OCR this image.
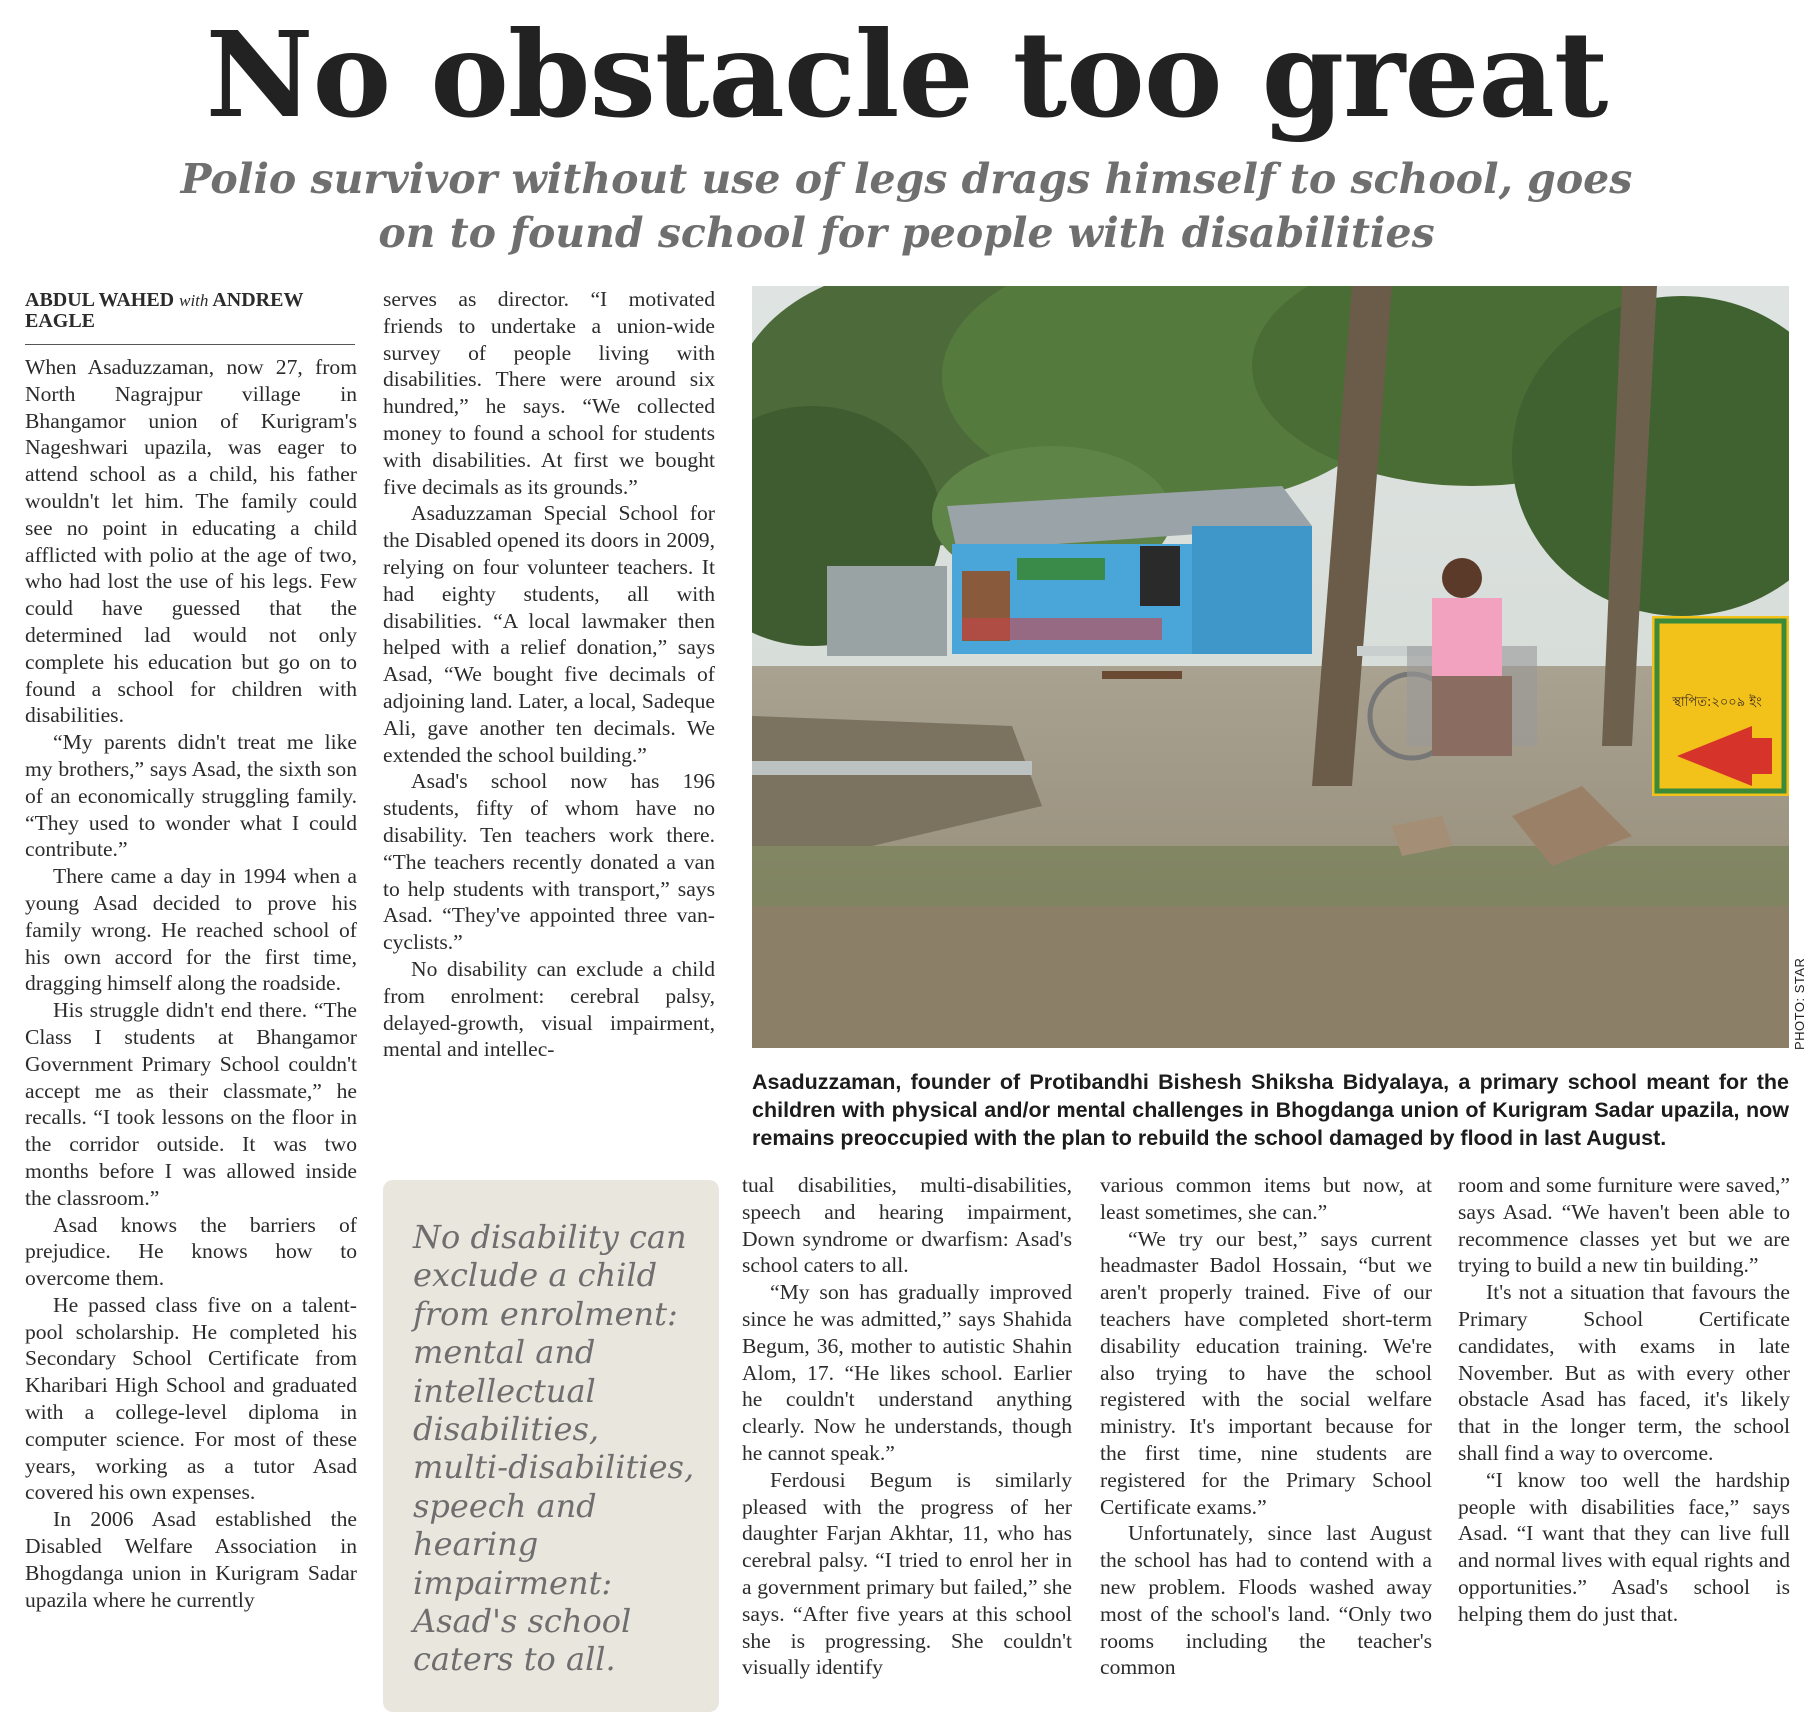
No obstacle too great
Polio survivor without use of legs drags himself to school, goes on to found school for people with disabilities
ABDUL WAHED with ANDREW EAGLE

When Asaduzzaman, now 27, from North Nagrajpur village in Bhangamor union of Kurigram's Nageshwari upazila, was eager to attend school as a child, his father wouldn't let him. The family could see no point in educating a child afflicted with polio at the age of two, who had lost the use of his legs. Few could have guessed that the determined lad would not only complete his education but go on to found a school for children with disabilities.

“My parents didn't treat me like my brothers,” says Asad, the sixth son of an economically struggling family. “They used to wonder what I could contribute.”

There came a day in 1994 when a young Asad decided to prove his family wrong. He reached school of his own accord for the first time, dragging himself along the roadside.

His struggle didn't end there. “The Class I students at Bhangamor Government Primary School couldn't accept me as their classmate,” he recalls. “I took lessons on the floor in the corridor outside. It was two months before I was allowed inside the classroom.”

Asad knows the barriers of prejudice. He knows how to overcome them.

He passed class five on a talent-pool scholarship. He completed his Secondary School Certificate from Kharibari High School and graduated with a college-level diploma in computer science. For most of these years, working as a tutor Asad covered his own expenses.

In 2006 Asad established the Disabled Welfare Association in Bhogdanga union in Kurigram Sadar upazila where he currently

serves as director. “I motivated friends to undertake a union-wide survey of people living with disabilities. There were around six hundred,” he says. “We collected money to found a school for students with disabilities. At first we bought five decimals as its grounds.”

Asaduzzaman Special School for the Disabled opened its doors in 2009, relying on four volunteer teachers. It had eighty students, all with disabilities. “A local lawmaker then helped with a relief donation,” says Asad, “We bought five decimals of adjoining land. Later, a local, Sadeque Ali, gave another ten decimals. We extended the school building.”

Asad's school now has 196 students, fifty of whom have no disability. Ten teachers work there. “The teachers recently donated a van to help students with transport,” says Asad. “They've appointed three van-cyclists.”

No disability can exclude a child from enrolment: cerebral palsy, delayed-growth, visual impairment, mental and intellec-

স্থাপিত:২০০৯ ইং
PHOTO: STAR
Asaduzzaman, founder of Protibandhi Bishesh Shiksha Bidyalaya, a primary school meant for the children with physical and/or mental challenges in Bhogdanga union of Kurigram Sadar upazila, now remains preoccupied with the plan to rebuild the school damaged by flood in last August.
No disability can exclude a child from enrolment: mental and intellectual disabilities, multi-disabilities, speech and hearing impairment: Asad's school caters to all.

tual disabilities, multi-disabilities, speech and hearing impairment, Down syndrome or dwarfism: Asad's school caters to all.

“My son has gradually improved since he was admitted,” says Shahida Begum, 36, mother to autistic Shahin Alom, 17. “He likes school. Earlier he couldn't understand anything clearly. Now he understands, though he cannot speak.”

Ferdousi Begum is similarly pleased with the progress of her daughter Farjan Akhtar, 11, who has cerebral palsy. “I tried to enrol her in a government primary but failed,” she says. “After five years at this school she is progressing. She couldn't visually identify

various common items but now, at least sometimes, she can.”

“We try our best,” says current headmaster Badol Hossain, “but we aren't properly trained. Five of our teachers have completed short-term disability education training. We're also trying to have the school registered with the social welfare ministry. It's important because for the first time, nine students are registered for the Primary School Certificate exams.”

Unfortunately, since last August the school has had to contend with a new problem. Floods washed away most of the school's land. “Only two rooms including the teacher's common

room and some furniture were saved,” says Asad. “We haven't been able to recommence classes yet but we are trying to build a new tin building.”

It's not a situation that favours the Primary School Certificate candidates, with exams in late November. But as with every other obstacle Asad has faced, it's likely that in the longer term, the school shall find a way to overcome.

“I know too well the hardship people with disabilities face,” says Asad. “I want that they can live full and normal lives with equal rights and opportunities.” Asad's school is helping them do just that.
